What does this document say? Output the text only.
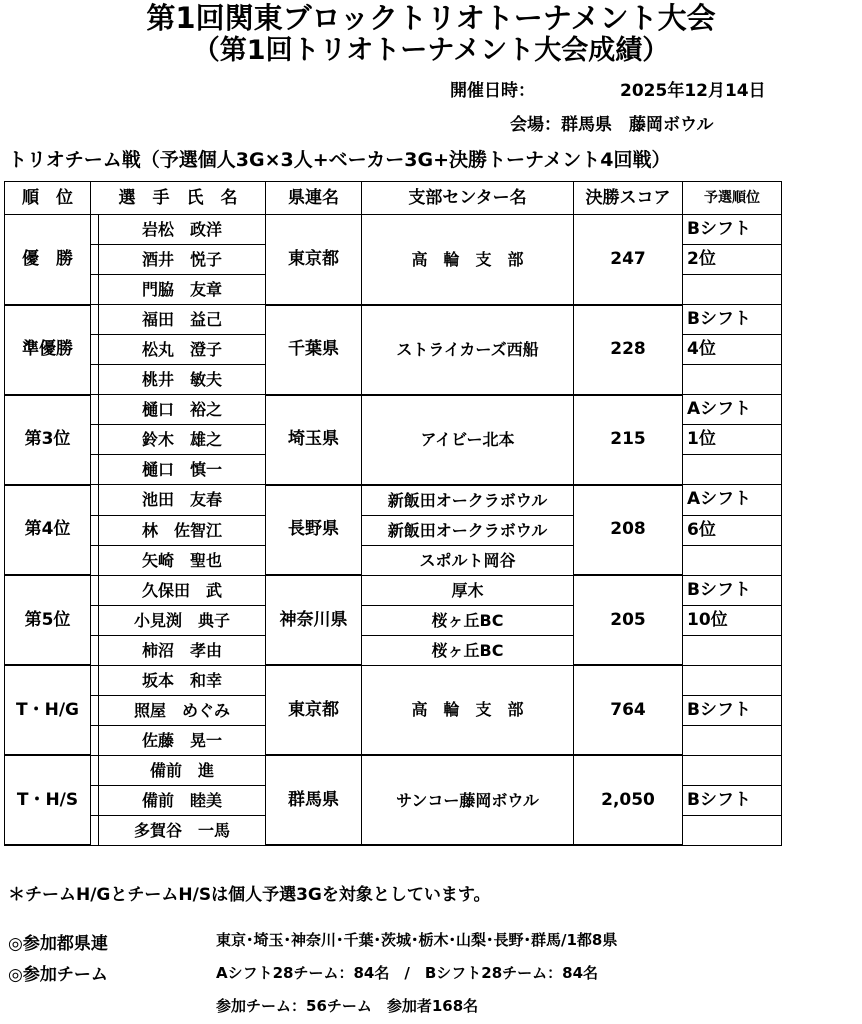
第1回関東ブロックトリオトーナメント大会
（第1回トリオトーナメント大会成績）
開催日時：	2025年12月14日
会場：群馬県　藤岡ボウル
トリオチーム戦（予選個人3G×3人+ベーカー3G+決勝トーナメント4回戦）
順　位	選　手　氏　名		県連名	支部センター名	決勝スコア	予選順位
優　勝		岩松　政洋	東京都	高　輪　支　部	247	Bシフト
		酒井　悦子				2位
		門脇　友章				
準優勝		福田　益己	千葉県	ストライカーズ西船	228	Bシフト
		松丸　澄子				4位
		桃井　敏夫				
第3位		樋口　裕之	埼玉県	アイビー北本	215	Aシフト
		鈴木　雄之				1位
		樋口　慎一				
第4位		池田　友春	長野県	新飯田オークラボウル	208	Aシフト
		林　佐智江		新飯田オークラボウル		6位
		矢崎　聖也		スポルト岡谷		
第5位		久保田　武	神奈川県	厚木	205	Bシフト
		小見渕　典子		桜ヶ丘BC		10位
		柿沼　孝由		桜ヶ丘BC		
T・H/G		坂本　和幸	東京都	高　輪　支　部	764	
		照屋　めぐみ				Bシフト
		佐藤　晃一				
T・H/S		備前　進	群馬県	サンコー藤岡ボウル	2,050	
		備前　睦美				Bシフト
		多賀谷　一馬				
＊チームH/GとチームH/Sは個人予選3Gを対象としています。
◎参加都県連	東京･埼玉･神奈川･千葉･茨城･栃木･山梨･長野･群馬/1都8県
◎参加チーム	Aシフト28チーム：84名　/　Bシフト28チーム：84名
参加チーム：56チーム　参加者168名
